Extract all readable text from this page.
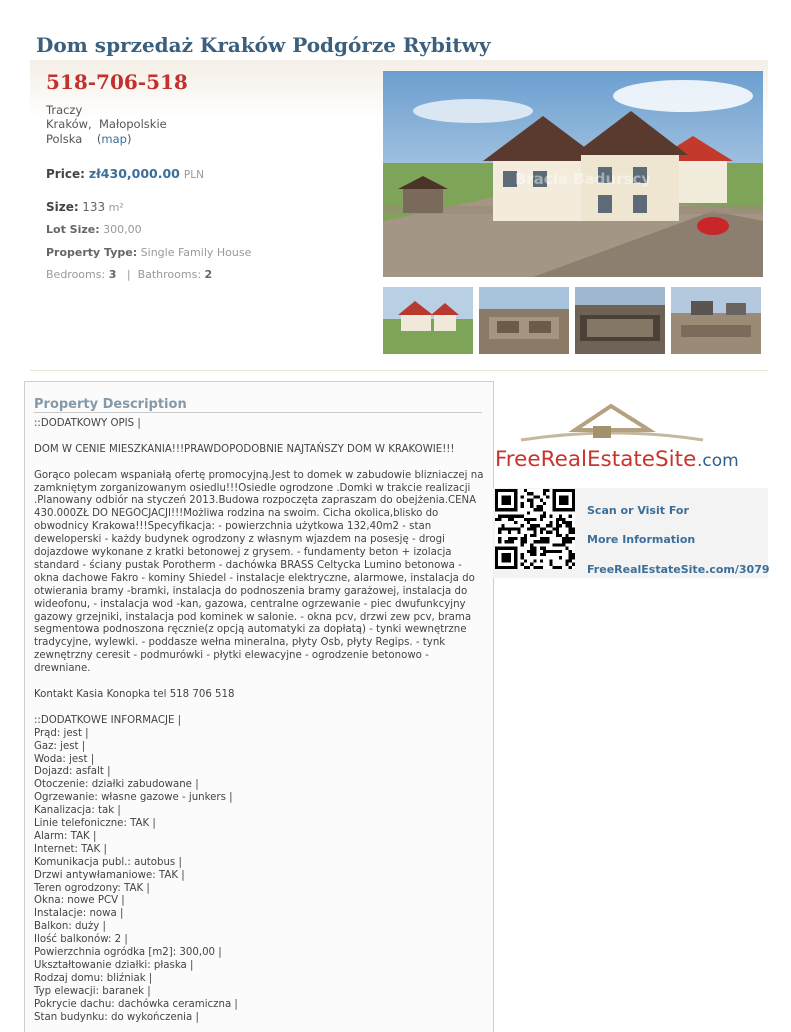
Dom sprzedaż Kraków Podgórze Rybitwy
518-706-518
Traczy
Kraków, Małopolskie
Polska    (map)
Price: zł430,000.00 PLN
Size: 133 m²
Lot Size: 300,00
Property Type: Single Family House
Bedrooms: 3 | Bathrooms: 2
Bracia Badurscy
Property Description

::DODATKOWY OPIS |

DOM W CENIE MIESZKANIA!!!PRAWDOPODOBNIE NAJTAŃSZY DOM W KRAKOWIE!!!

Gorąco polecam wspaniałą ofertę promocyjną.Jest to domek w zabudowie blizniaczej na zamkniętym zorganizowanym osiedlu!!!Osiedle ogrodzone .Domki w trakcie realizacji .Planowany odbiór na styczeń 2013.Budowa rozpoczęta zapraszam do obejżenia.CENA 430.000ZŁ DO NEGOCJACJI!!!Możliwa rodzina na swoim. Cicha okolica,blisko do obwodnicy Krakowa!!!Specyfikacja: - powierzchnia użytkowa 132,40m2 - stan deweloperski - każdy budynek ogrodzony z własnym wjazdem na posesję - drogi dojazdowe wykonane z kratki betonowej z grysem. - fundamenty beton + izolacja standard - ściany pustak Porotherm - dachówka BRASS Celtycka Lumino betonowa - okna dachowe Fakro - kominy Shiedel - instalacje elektryczne, alarmowe, instalacja do otwierania bramy -bramki, instalacja do podnoszenia bramy garażowej, instalacja do wideofonu, - instalacja wod -kan, gazowa, centralne ogrzewanie - piec dwufunkcyjny gazowy grzejniki, instalacja pod kominek w salonie. - okna pcv, drzwi zew pcv, brama segmentowa podnoszona ręcznie(z opcją automatyki za dopłatą) - tynki wewnętrzne tradycyjne, wylewki. - poddasze wełna mineralna, płyty Osb, płyty Regips. - tynk zewnętrzny ceresit - podmurówki - płytki elewacyjne - ogrodzenie betonowo - drewniane.

Kontakt Kasia Konopka tel 518 706 518

::DODATKOWE INFORMACJE |
Prąd: jest |
Gaz: jest |
Woda: jest |
Dojazd: asfalt |
Otoczenie: działki zabudowane |
Ogrzewanie: własne gazowe - junkers |
Kanalizacja: tak |
Linie telefoniczne: TAK |
Alarm: TAK |
Internet: TAK |
Komunikacja publ.: autobus |
Drzwi antywłamaniowe: TAK |
Teren ogrodzony: TAK |
Okna: nowe PCV |
Instalacje: nowa |
Balkon: duży |
Ilość balkonów: 2 |
Powierzchnia ogródka [m2]: 300,00 |
Ukształtowanie działki: płaska |
Rodzaj domu: bliźniak |
Typ elewacji: baranek |
Pokrycie dachu: dachówka ceramiczna |
Stan budynku: do wykończenia |
FreeRealEstateSite .com
Scan or Visit For
More Information
FreeRealEstateSite.com/3079
